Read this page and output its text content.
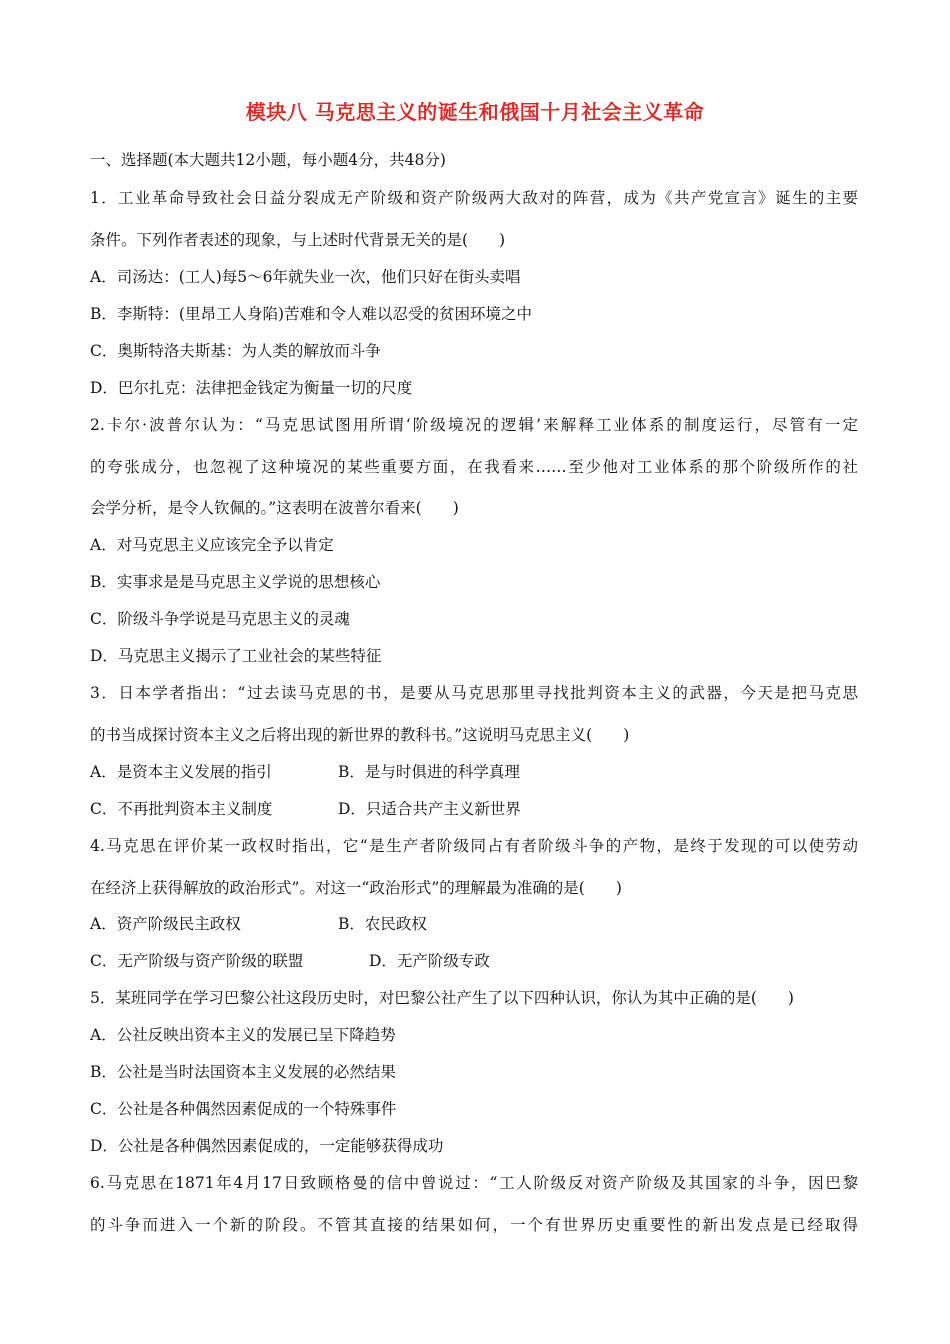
模块八 马克思主义的诞生和俄国十月社会主义革命
一、选择题(本大题共12小题，每小题4分，共48分)
1．工业革命导致社会日益分裂成无产阶级和资产阶级两大敌对的阵营，成为《共产党宣言》诞生的主要
条件。下列作者表述的现象，与上述时代背景无关的是(　　)
A．司汤达：(工人)每5～6年就失业一次，他们只好在街头卖唱
B．李斯特：(里昂工人身陷)苦难和令人难以忍受的贫困环境之中
C．奥斯特洛夫斯基：为人类的解放而斗争
D．巴尔扎克：法律把金钱定为衡量一切的尺度
2.卡尔·波普尔认为：“马克思试图用所谓‘阶级境况的逻辑’来解释工业体系的制度运行，尽管有一定
的夸张成分，也忽视了这种境况的某些重要方面，在我看来……至少他对工业体系的那个阶级所作的社
会学分析，是令人钦佩的。”这表明在波普尔看来(　　)
A．对马克思主义应该完全予以肯定
B．实事求是是马克思主义学说的思想核心
C．阶级斗争学说是马克思主义的灵魂
D．马克思主义揭示了工业社会的某些特征
3．日本学者指出：“过去读马克思的书，是要从马克思那里寻找批判资本主义的武器，今天是把马克思
的书当成探讨资本主义之后将出现的新世界的教科书。”这说明马克思主义(　　)
A．是资本主义发展的指引	B．是与时俱进的科学真理
C．不再批判资本主义制度	D．只适合共产主义新世界
4.马克思在评价某一政权时指出，它“是生产者阶级同占有者阶级斗争的产物，是终于发现的可以使劳动
在经济上获得解放的政治形式”。对这一“政治形式”的理解最为准确的是(　　)
A．资产阶级民主政权	B．农民政权
C．无产阶级与资产阶级的联盟	D．无产阶级专政
5．某班同学在学习巴黎公社这段历史时，对巴黎公社产生了以下四种认识，你认为其中正确的是(　　)
A．公社反映出资本主义的发展已呈下降趋势
B．公社是当时法国资本主义发展的必然结果
C．公社是各种偶然因素促成的一个特殊事件
D．公社是各种偶然因素促成的，一定能够获得成功
6.马克思在1871年4月17日致顾格曼的信中曾说过：“工人阶级反对资产阶级及其国家的斗争，因巴黎
的斗争而进入一个新的阶段。不管其直接的结果如何，一个有世界历史重要性的新出发点是已经取得
